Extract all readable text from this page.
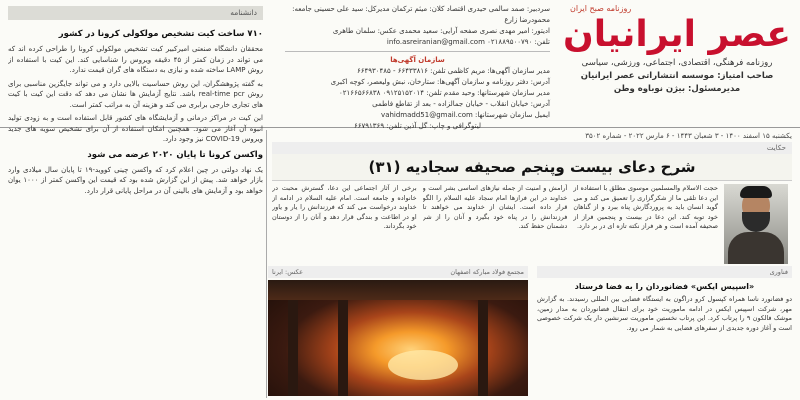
روزنامه صبح ایران
عصر ایرانیان
روزنامه فرهنگی، اقتصادی، اجتماعی، ورزشی، سیاسی
صاحب امتیاز: موسسه انتشاراتی عصر ایرانیان
مدیرمسئول: بیژن نوباوه وطن
سردبیر: صمد سالمی حیدری اقتصاد کلان: میثم ترکمان مدیرکل: سید علی حسینی جامعه: محمودرضا زارع
ادیتور: امیر مهدی نصری صفحه آرایی: سعید محمدی عکس: سلمان طاهری
تلفن: ۰۲۱۸۸۹۵۰۰۷۹۰ info.asreiranian@gmail.com
سازمان آگهی‌ها
مدیر سازمان آگهی‌ها: مریم کاظمی تلفن: ۶۶۴۳۳۸۱۶ - ۶۶۴۹۳۰۴۸۵
آدرس: دفتر روزنامه و سازمان آگهی‌ها: ستارخان، نبش ولیعصر، کوچه اکبری
مدیر سازمان شهرستانها: وحید مقدم تلفن: ۰۹۱۲۵۱۵۲۰۱۴ ۰۲۱۶۶۵۶۶۸۳۸
آدرس: خیابان انقلاب - خیابان جمالزاده - بعد از تقاطع فاطمی
ایمیل سازمان شهرستانها: vahidmadd51@gmail.com
لیتوگرافی و چاپ: گل آذین تلفن: ۶۶۷۹۱۳۶۹
دانشنامه
۷۱۰ ساخت کیت تشخیص مولکولی کرونا در کشور

محققان دانشگاه صنعتی امیرکبیر کیت تشخیص مولکولی کرونا را طراحی کرده اند که می تواند در زمان کمتر از ۴۵ دقیقه ویروس را شناسایی کند. این کیت با استفاده از روش LAMP ساخته شده و نیازی به دستگاه های گران قیمت ندارد.

به گفته پژوهشگران، این روش حساسیت بالایی دارد و می تواند جایگزین مناسبی برای روش real-time pcr باشد. نتایج آزمایش ها نشان می دهد که دقت این کیت با کیت های تجاری خارجی برابری می کند و هزینه آن به مراتب کمتر است.

این کیت در مراکز درمانی و آزمایشگاه های کشور قابل استفاده است و به زودی تولید انبوه آن آغاز می شود. همچنین امکان استفاده از آن برای تشخیص سویه های جدید ویروس COVID-19 نیز وجود دارد.

واکسن کرونا تا پایان ۲۰۲۰ عرضه می شود

یک نهاد دولتی در چین اعلام کرد که واکسن چینی کووید-۱۹ تا پایان سال میلادی وارد بازار خواهد شد. پیش از این گزارش شده بود که قیمت این واکسن کمتر از ۱۰۰۰ یوان خواهد بود و آزمایش های بالینی آن در مراحل پایانی قرار دارد.

یکشنبه ۱۵ اسفند ۱۴۰۰ - ۳ شعبان ۱۴۴۳ - ۶ مارس ۲۰۲۲ - شماره ۳۵۰۲
حکایت
شرح دعای بیست وپنجم صحیفه سجادیه (۳۱)
حجت الاسلام والمسلمین موسوی مطلق با استفاده از این دعا تلقی ما از شکرگزاری را تعمیق می کند و می گوید انسان باید به پروردگارش پناه ببرد و از گناهان خود توبه کند. این دعا در بیست و پنجمین فراز از صحیفه آمده است و هر فراز نکته تازه ای در بر دارد.
آرامش و امنیت از جمله نیازهای اساسی بشر است و خداوند در این فرازها امام سجاد علیه السلام را الگو قرار داده است. ایشان از خداوند می خواهند تا فرزندانش را در پناه خود بگیرد و آنان را از شر دشمنان حفظ کند.
برخی از آثار اجتماعی این دعا، گسترش محبت در خانواده و جامعه است. امام علیه السلام در ادامه از خداوند درخواست می کند که فرزندانش را یار و یاور او در اطاعت و بندگی قرار دهد و آنان را از دوستان خود بگرداند.
مجتمع فولاد مبارکه اصفهان
عکس: ایرنا	فناوری
«اسپیس ایکس» فضانوردان را به فضا فرستاد
دو فضانورد ناسا همراه کپسول کرو دراگون به ایستگاه فضایی بین المللی رسیدند. به گزارش مهر، شرکت اسپیس ایکس در ادامه ماموریت خود برای انتقال فضانوردان به مدار زمین، موشک فالکون ۹ را پرتاب کرد. این پرتاب نخستین ماموریت سرنشین دار یک شرکت خصوصی است و آغاز دوره جدیدی از سفرهای فضایی به شمار می رود.
